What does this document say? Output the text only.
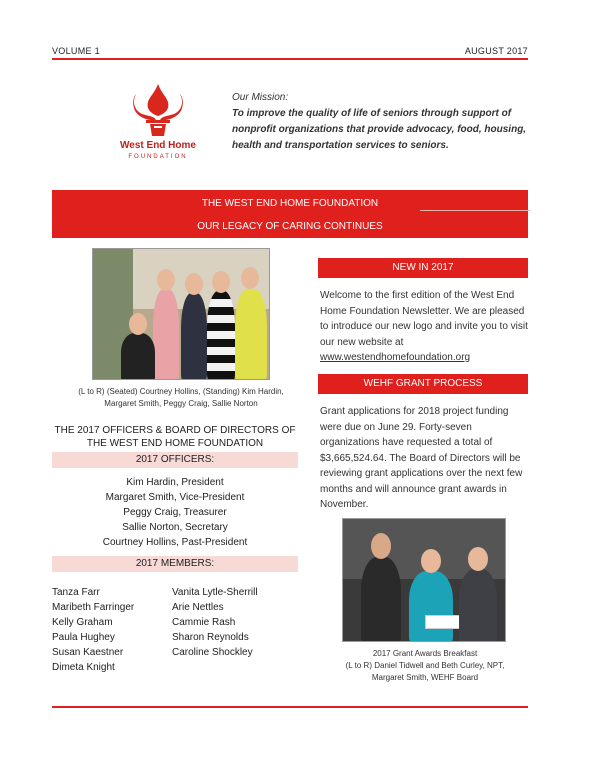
VOLUME 1	AUGUST 2017
West End Home
FOUNDATION
Our Mission:
To improve the quality of life of seniors through support of nonprofit organizations that provide advocacy, food, housing, health and transportation services to seniors.
THE WEST END HOME FOUNDATION
OUR LEGACY OF CARING CONTINUES
(L to R) (Seated) Courtney Hollins, (Standing) Kim Hardin, Margaret Smith, Peggy Craig, Sallie Norton
THE 2017 OFFICERS & BOARD OF DIRECTORS OF THE WEST END HOME FOUNDATION
2017 OFFICERS:
Kim Hardin, President
Margaret Smith, Vice-President
Peggy Craig, Treasurer
Sallie Norton, Secretary
Courtney Hollins, Past-President
2017 MEMBERS:
Tanza Farr
Maribeth Farringer
Kelly Graham
Paula Hughey
Susan Kaestner
Dimeta Knight
Vanita Lytle-Sherrill
Arie Nettles
Cammie Rash
Sharon Reynolds
Caroline Shockley
NEW IN 2017
Welcome to the first edition of the West End Home Foundation Newsletter. We are pleased to introduce our new logo and invite you to visit our new website at www.westendhomefoundation.org
WEHF GRANT PROCESS
Grant applications for 2018 project funding were due on June 29. Forty-seven organizations have requested a total of $3,665,524.64. The Board of Directors will be reviewing grant applications over the next few months and will announce grant awards in November.
2017 Grant Awards Breakfast
(L to R) Daniel Tidwell and Beth Curley, NPT, Margaret Smith, WEHF Board
